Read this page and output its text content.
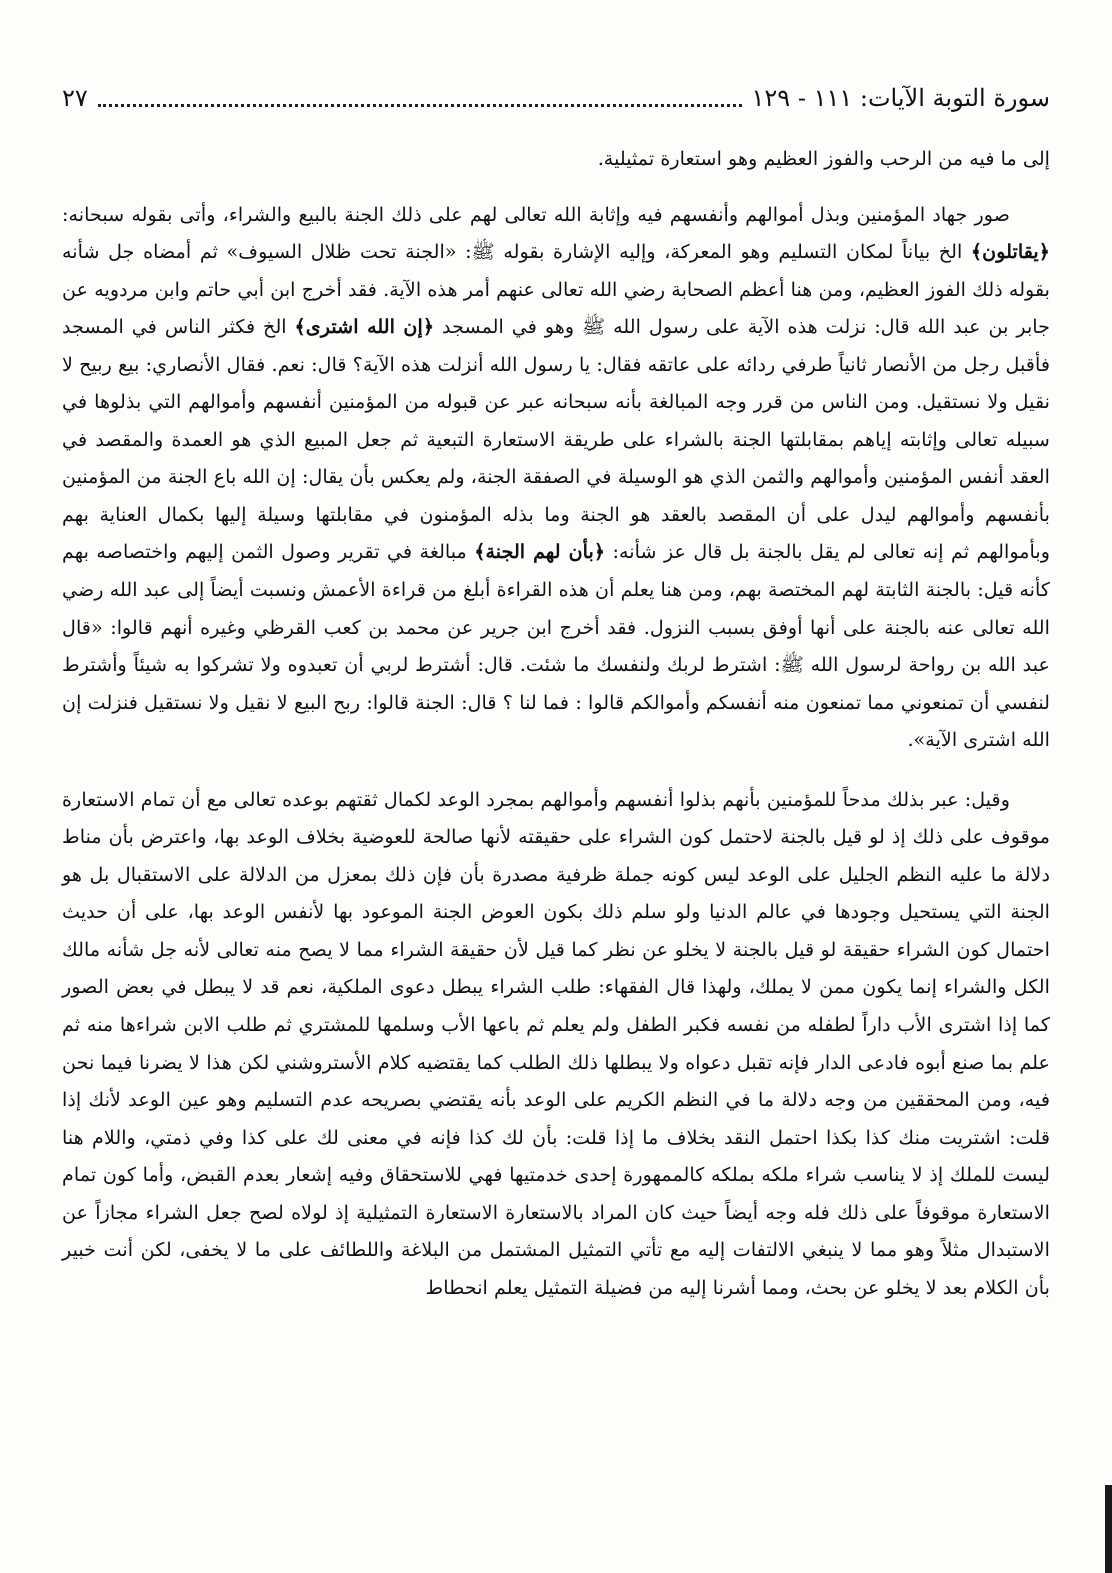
سورة التوبة الآيات: ١١١ - ١٢٩
٢٧

إلى ما فيه من الرحب والفوز العظيم وهو استعارة تمثيلية.

صور جهاد المؤمنين وبذل أموالهم وأنفسهم فيه وإثابة الله تعالى لهم على ذلك الجنة بالبيع والشراء، وأتى بقوله سبحانه: ﴿يقاتلون﴾ الخ بياناً لمكان التسليم وهو المعركة، وإليه الإشارة بقوله ﷺ: «الجنة تحت ظلال السيوف» ثم أمضاه جل شأنه بقوله ذلك الفوز العظيم، ومن هنا أعظم الصحابة رضي الله تعالى عنهم أمر هذه الآية. فقد أخرج ابن أبي حاتم وابن مردويه عن جابر بن عبد الله قال: نزلت هذه الآية على رسول الله ﷺ وهو في المسجد ﴿إن الله اشترى﴾ الخ فكثر الناس في المسجد فأقبل رجل من الأنصار ثانياً طرفي ردائه على عاتقه فقال: يا رسول الله أنزلت هذه الآية؟ قال: نعم. فقال الأنصاري: بيع ربيح لا نقيل ولا نستقيل. ومن الناس من قرر وجه المبالغة بأنه سبحانه عبر عن قبوله من المؤمنين أنفسهم وأموالهم التي بذلوها في سبيله تعالى وإثابته إياهم بمقابلتها الجنة بالشراء على طريقة الاستعارة التبعية ثم جعل المبيع الذي هو العمدة والمقصد في العقد أنفس المؤمنين وأموالهم والثمن الذي هو الوسيلة في الصفقة الجنة، ولم يعكس بأن يقال: إن الله باع الجنة من المؤمنين بأنفسهم وأموالهم ليدل على أن المقصد بالعقد هو الجنة وما بذله المؤمنون في مقابلتها وسيلة إليها بكمال العناية بهم وبأموالهم ثم إنه تعالى لم يقل بالجنة بل قال عز شأنه: ﴿بأن لهم الجنة﴾ مبالغة في تقرير وصول الثمن إليهم واختصاصه بهم كأنه قيل: بالجنة الثابتة لهم المختصة بهم، ومن هنا يعلم أن هذه القراءة أبلغ من قراءة الأعمش ونسبت أيضاً إلى عبد الله رضي الله تعالى عنه بالجنة على أنها أوفق بسبب النزول. فقد أخرج ابن جرير عن محمد بن كعب القرظي وغيره أنهم قالوا: «قال عبد الله بن رواحة لرسول الله ﷺ: اشترط لربك ولنفسك ما شئت. قال: أشترط لربي أن تعبدوه ولا تشركوا به شيئاً وأشترط لنفسي أن تمنعوني مما تمنعون منه أنفسكم وأموالكم قالوا : فما لنا ؟ قال: الجنة قالوا: ربح البيع لا نقيل ولا نستقيل فنزلت إن الله اشترى الآية».

وقيل: عبر بذلك مدحاً للمؤمنين بأنهم بذلوا أنفسهم وأموالهم بمجرد الوعد لكمال ثقتهم بوعده تعالى مع أن تمام الاستعارة موقوف على ذلك إذ لو قيل بالجنة لاحتمل كون الشراء على حقيقته لأنها صالحة للعوضية بخلاف الوعد بها، واعترض بأن مناط دلالة ما عليه النظم الجليل على الوعد ليس كونه جملة ظرفية مصدرة بأن فإن ذلك بمعزل من الدلالة على الاستقبال بل هو الجنة التي يستحيل وجودها في عالم الدنيا ولو سلم ذلك بكون العوض الجنة الموعود بها لأنفس الوعد بها، على أن حديث احتمال كون الشراء حقيقة لو قيل بالجنة لا يخلو عن نظر كما قيل لأن حقيقة الشراء مما لا يصح منه تعالى لأنه جل شأنه مالك الكل والشراء إنما يكون ممن لا يملك، ولهذا قال الفقهاء: طلب الشراء يبطل دعوى الملكية، نعم قد لا يبطل في بعض الصور كما إذا اشترى الأب داراً لطفله من نفسه فكبر الطفل ولم يعلم ثم باعها الأب وسلمها للمشتري ثم طلب الابن شراءها منه ثم علم بما صنع أبوه فادعى الدار فإنه تقبل دعواه ولا يبطلها ذلك الطلب كما يقتضيه كلام الأستروشني لكن هذا لا يضرنا فيما نحن فيه، ومن المحققين من وجه دلالة ما في النظم الكريم على الوعد بأنه يقتضي بصريحه عدم التسليم وهو عين الوعد لأنك إذا قلت: اشتريت منك كذا بكذا احتمل النقد بخلاف ما إذا قلت: بأن لك كذا فإنه في معنى لك على كذا وفي ذمتي، واللام هنا ليست للملك إذ لا يناسب شراء ملكه بملكه كالممهورة إحدى خدمتيها فهي للاستحقاق وفيه إشعار بعدم القبض، وأما كون تمام الاستعارة موقوفاً على ذلك فله وجه أيضاً حيث كان المراد بالاستعارة الاستعارة التمثيلية إذ لولاه لصح جعل الشراء مجازاً عن الاستبدال مثلاً وهو مما لا ينبغي الالتفات إليه مع تأتي التمثيل المشتمل من البلاغة واللطائف على ما لا يخفى، لكن أنت خبير بأن الكلام بعد لا يخلو عن بحث، ومما أشرنا إليه من فضيلة التمثيل يعلم انحطاط
